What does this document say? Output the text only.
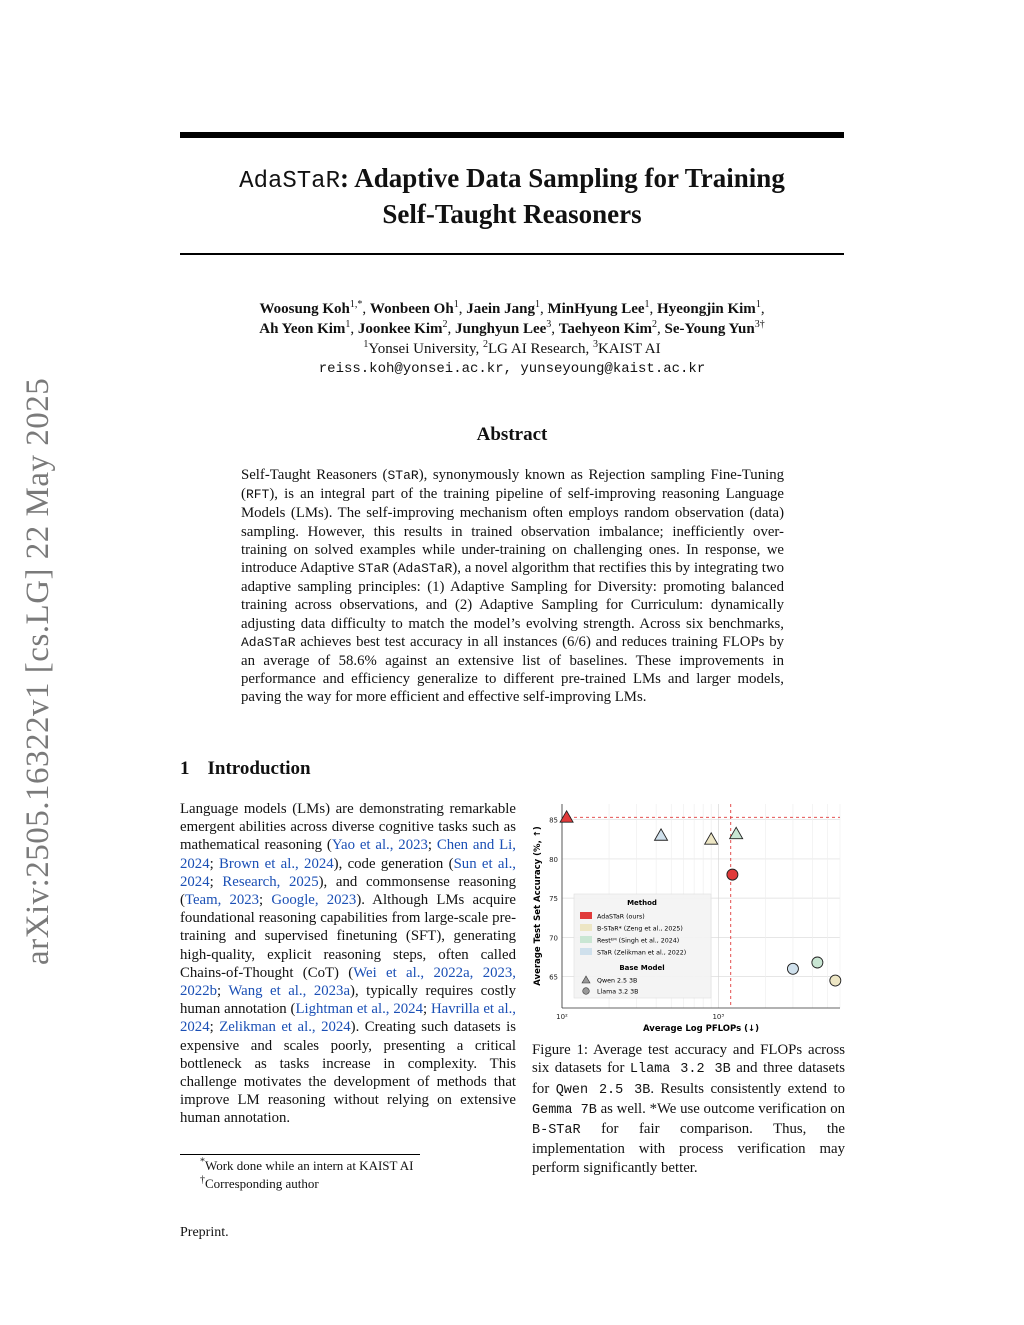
arXiv:2505.16322v1 [cs.LG] 22 May 2025
AdaSTaR: Adaptive Data Sampling for Training
Self-Taught Reasoners
Woosung Koh$^{1,*}$, Wonbeen Oh$^1$, Jaein Jang$^1$, MinHyung Lee$^1$, Hyeongjin Kim$^1$,
Ah Yeon Kim$^1$, Joonkee Kim$^2$, Junghyun Lee$^3$, Taehyeon Kim$^2$, Se-Young Yun$^{3\dagger}$
$^1$Yonsei University, $^2$LG AI Research, $^3$KAIST AI
reiss.koh@yonsei.ac.kr, yunseyoung@kaist.ac.kr
Abstract
Self-Taught Reasoners (STaR), synonymously known as Rejection sampling Fine-Tuning (RFT), is an integral part of the training pipeline of self-improving reasoning Language Models (LMs). The self-improving mechanism often employs random observation (data) sampling. However, this results in trained observation imbalance; inefficiently over-training on solved examples while under-training on challenging ones. In response, we introduce Adaptive STaR (AdaSTaR), a novel algorithm that rectifies this by integrating two adaptive sampling principles: (1) Adaptive Sampling for Diversity: promoting balanced training across observations, and (2) Adaptive Sampling for Curriculum: dynamically adjusting data difficulty to match the model’s evolving strength. Across six benchmarks, AdaSTaR achieves best test accuracy in all instances (6/6) and reduces training FLOPs by an average of 58.6% against an extensive list of baselines. These improvements in performance and efficiency generalize to different pre-trained LMs and larger models, paving the way for more efficient and effective self-improving LMs.
1 Introduction
Language models (LMs) are demonstrating remarkable emergent abilities across diverse cognitive tasks such as mathematical reasoning (Yao et al., 2023; Chen and Li, 2024; Brown et al., 2024), code generation (Sun et al., 2024; Research, 2025), and commonsense reasoning (Team, 2023; Google, 2023). Although LMs acquire foundational reasoning capabilities from large-scale pre-training and supervised finetuning (SFT), generating high-quality, explicit reasoning steps, often called Chains-of-Thought (CoT) (Wei et al., 2022a, 2023, 2022b; Wang et al., 2023a), typically requires costly human annotation (Lightman et al., 2024; Havrilla et al., 2024; Zelikman et al., 2024). Creating such datasets is expensive and scales poorly, presenting a critical bottleneck as tasks increase in complexity. This challenge motivates the development of methods that improve LM reasoning without relying on extensive human annotation.
*Work done while an intern at KAIST AI
†Corresponding author
Preprint.
65
70
75
80
85
10²	10³
Method
AdaSTaR (ours)
B-STaR* (Zeng et al., 2025)
Restᴱᴹ (Singh et al., 2024)
STaR (Zelikman et al., 2022)
Base Model
Qwen 2.5 3B
Llama 3.2 3B
Average Log PFLOPs (↓)
Average Test Set Accuracy (%, ↑)
Figure 1: Average test accuracy and FLOPs across six datasets for Llama 3.2 3B and three datasets for Qwen 2.5 3B. Results consistently extend to Gemma 7B as well. *We use outcome verification on B-STaR for fair comparison. Thus, the implementation with process verification may perform significantly better.
